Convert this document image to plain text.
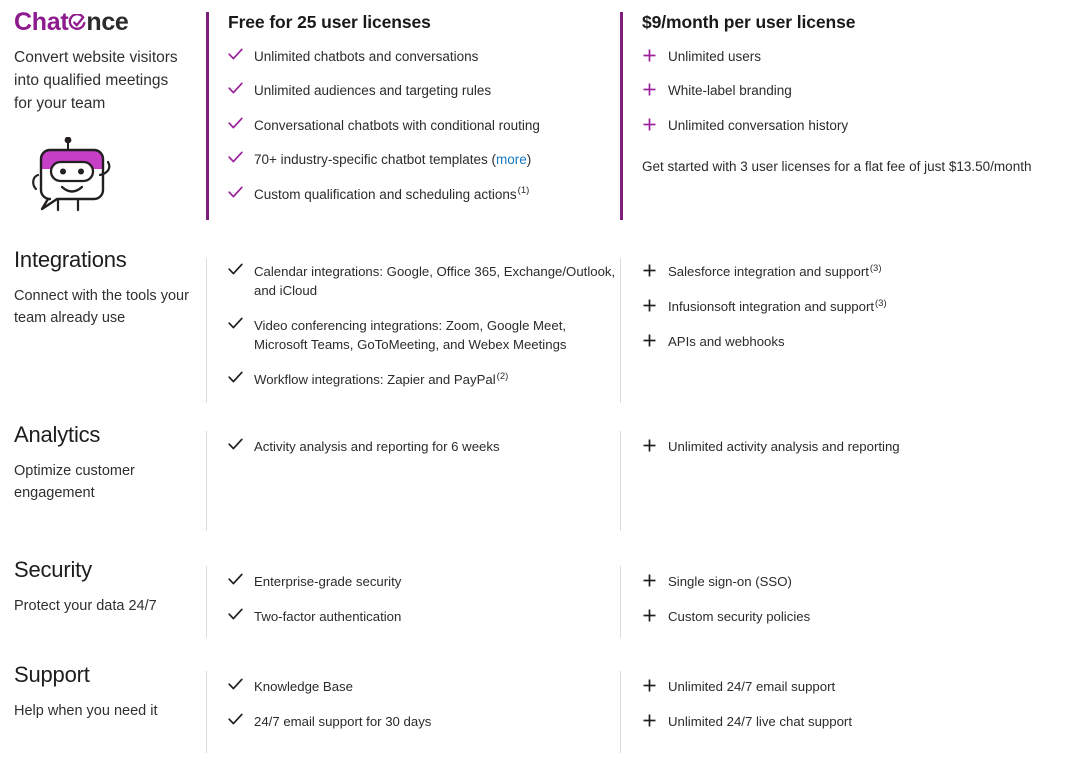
Chat nce
Convert website visitors into qualified meetings for your team
Free for 25 user licenses
Unlimited chatbots and conversations
Unlimited audiences and targeting rules
Conversational chatbots with conditional routing
70+ industry-specific chatbot templates (more)
Custom qualification and scheduling actions$^{(1)}$
$9/month per user license
Unlimited users
White-label branding
Unlimited conversation history
Get started with 3 user licenses for a flat fee of just $13.50/month
Integrations
Connect with the tools your team already use
Calendar integrations: Google, Office 365, Exchange/Outlook, and iCloud
Video conferencing integrations: Zoom, Google Meet, Microsoft Teams, GoToMeeting, and Webex Meetings
Workflow integrations: Zapier and PayPal$^{(2)}$
Salesforce integration and support$^{(3)}$
Infusionsoft integration and support$^{(3)}$
APIs and webhooks
Analytics
Optimize customer engagement
Activity analysis and reporting for 6 weeks	Unlimited activity analysis and reporting
Security
Protect your data 24/7
Enterprise-grade security
Two-factor authentication
Single sign-on (SSO)
Custom security policies
Support
Help when you need it
Knowledge Base
24/7 email support for 30 days
Unlimited 24/7 email support
Unlimited 24/7 live chat support
